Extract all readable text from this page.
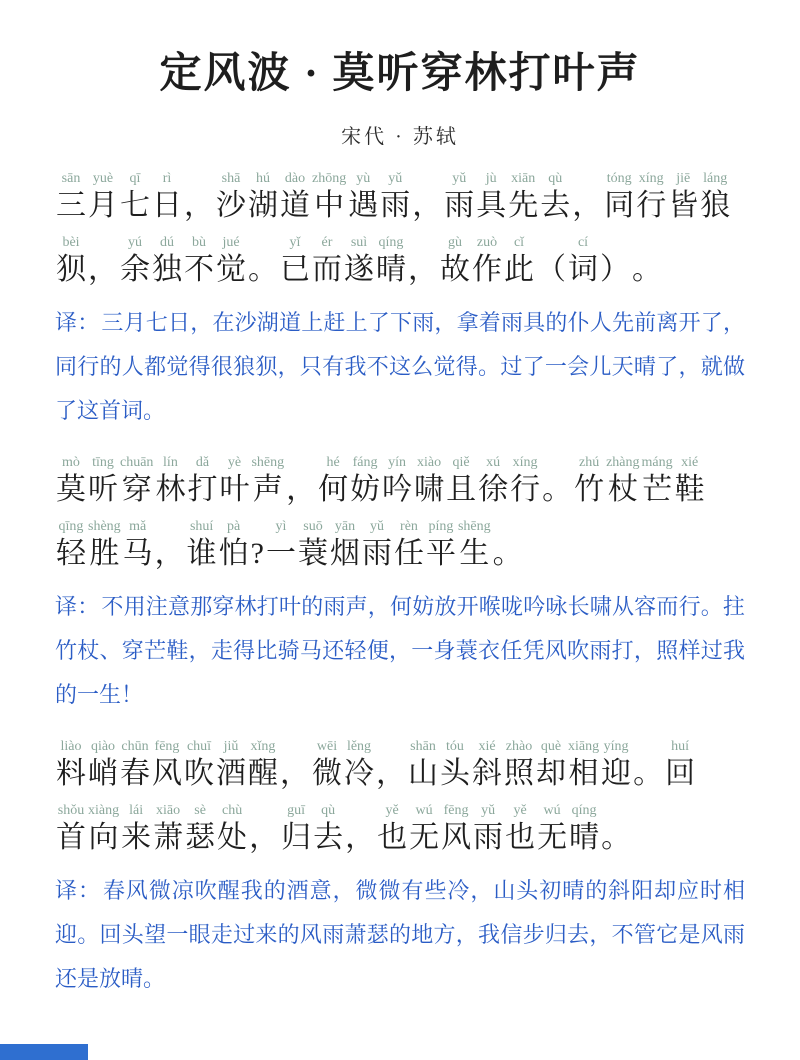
定风波 · 莫听穿林打叶声
宋代 · 苏轼
三sān月yuè七qī日rì， 沙shā湖hú道dào中zhōng遇yù雨yǔ， 雨yǔ具jù先xiān去qù， 同tóng行xíng皆jiē狼láng
狈bèi， 余yú独dú不bù觉jué。 已yǐ而ér遂suì晴qíng， 故gù作zuò此cǐ（ 词cí） 。

译：三月七日，在沙湖道上赶上了下雨，拿着雨具的仆人先前离开了，同行的人都觉得很狼狈，只有我不这么觉得。过了一会儿天晴了，就做了这首词。

莫mò听tīng穿chuān林lín打dǎ叶yè声shēng， 何hé妨fáng吟yín啸xiào且qiě徐xú行xíng。 竹zhú杖zhàng芒máng鞋xié
轻qīng胜shèng马mǎ， 谁shuí怕pà? 一yì蓑suō烟yān雨yǔ任rèn平píng生shēng。

译：不用注意那穿林打叶的雨声，何妨放开喉咙吟咏长啸从容而行。拄竹杖、穿芒鞋，走得比骑马还轻便，一身蓑衣任凭风吹雨打，照样过我的一生！

料liào峭qiào春chūn风fēng吹chuī酒jiǔ醒xǐng， 微wēi冷lěng， 山shān头tóu斜xié照zhào却què相xiāng迎yíng。 回huí
首shǒu向xiàng来lái萧xiāo瑟sè处chù， 归guī去qù， 也yě无wú风fēng雨yǔ也yě无wú晴qíng。

译：春风微凉吹醒我的酒意，微微有些冷，山头初晴的斜阳却应时相迎。回头望一眼走过来的风雨萧瑟的地方，我信步归去，不管它是风雨还是放晴。
